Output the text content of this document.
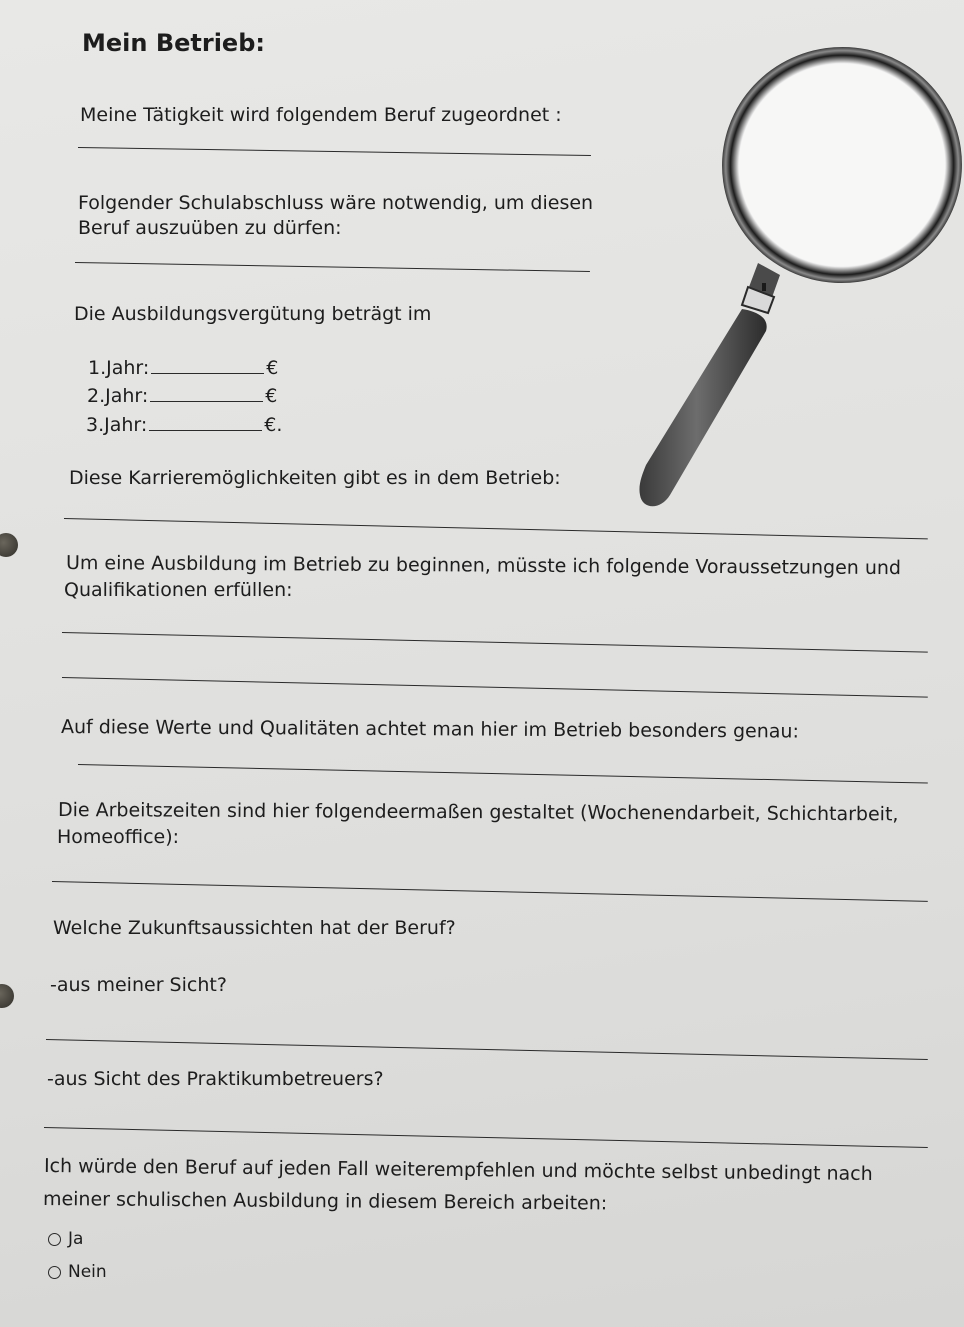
Mein Betrieb:
Meine Tätigkeit wird folgendem Beruf zugeordnet :
Folgender Schulabschluss wäre notwendig, um diesen
Beruf auszuüben zu dürfen:
Die Ausbildungsvergütung beträgt im
1.Jahr:	€
2.Jahr:	€
3.Jahr:	€.
Diese Karrieremöglichkeiten gibt es in dem Betrieb:
Um eine Ausbildung im Betrieb zu beginnen, müsste ich folgende Voraussetzungen und
Qualifikationen erfüllen:
Auf diese Werte und Qualitäten achtet man hier im Betrieb besonders genau:
Die Arbeitszeiten sind hier folgendeermaßen gestaltet (Wochenendarbeit, Schichtarbeit,
Homeoffice):
Welche Zukunftsaussichten hat der Beruf?
-aus meiner Sicht?
-aus Sicht des Praktikumbetreuers?
Ich würde den Beruf auf jeden Fall weiterempfehlen und möchte selbst unbedingt nach
meiner schulischen Ausbildung in diesem Bereich arbeiten:
Ja
Nein
